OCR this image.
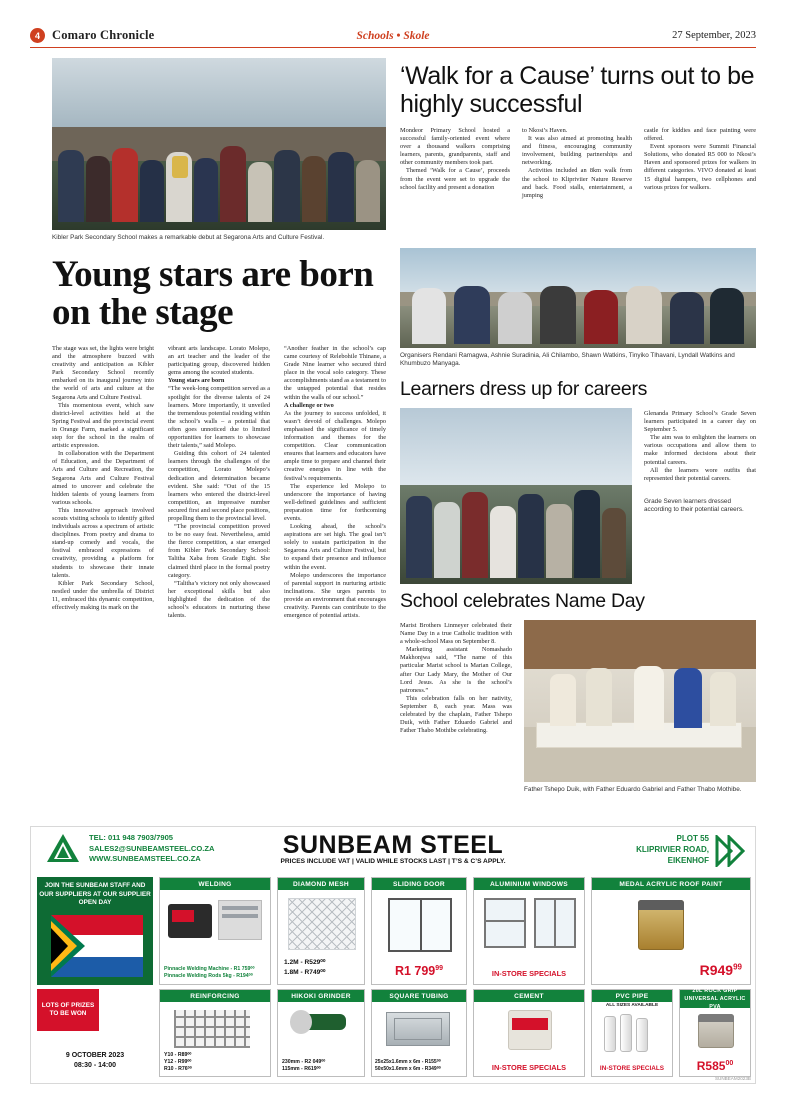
4 Comaro Chronicle	Schools • Skole	27 September, 2023
Kibler Park Secondary School makes a remarkable debut at Segarona Arts and Culture Festival.
Young stars are born on the stage

The stage was set, the lights were bright and the atmosphere buzzed with creativity and anticipation as Kibler Park Secondary School recently embarked on its inaugural journey into the world of arts and culture at the Segarona Arts and Culture Festival.

This momentous event, which saw district-level activities held at the Spring Festival and the provincial event in Orange Farm, marked a significant step for the school in the realm of artistic expression.

In collaboration with the Department of Education, and the Department of Arts and Culture and Recreation, the Segarona Arts and Culture Festival aimed to uncover and celebrate the hidden talents of young learners from various schools.

This innovative approach involved scouts visiting schools to identify gifted individuals across a spectrum of artistic disciplines. From poetry and drama to stand-up comedy and vocals, the festival embraced expressions of creativity, providing a platform for students to showcase their innate talents.

Kibler Park Secondary School, nestled under the umbrella of District 11, embraced this dynamic competition, effectively making its mark on the

vibrant arts landscape. Lorato Molepo, an art teacher and the leader of the participating group, discovered hidden gems among the scouted students.

Young stars are born

“The week-long competition served as a spotlight for the diverse talents of 24 learners. More importantly, it unveiled the tremendous potential residing within the school’s walls – a potential that often goes unnoticed due to limited opportunities for learners to showcase their talents,” said Molepo.

Guiding this cohort of 24 talented learners through the challenges of the competition, Lorato Molepo’s dedication and determination became evident. She said: “Out of the 15 learners who entered the district-level competition, an impressive number secured first and second place positions, propelling them to the provincial level.

“The provincial competition proved to be no easy feat. Nevertheless, amid the fierce competition, a star emerged from Kibler Park Secondary School: Talitha Xaba from Grade Eight. She claimed third place in the formal poetry category.

“Talitha’s victory not only showcased her exceptional skills but also highlighted the dedication of the school’s educators in nurturing these talents.

“Another feather in the school’s cap came courtesy of Relebohile Thinane, a Grade Nine learner who secured third place in the vocal solo category. These accomplishments stand as a testament to the untapped potential that resides within the walls of our school.”

A challenge or two

As the journey to success unfolded, it wasn’t devoid of challenges. Molepo emphasised the significance of timely information and themes for the competition. Clear communication ensures that learners and educators have ample time to prepare and channel their creative energies in line with the festival’s requirements.

The experience led Molepo to underscore the importance of having well-defined guidelines and sufficient preparation time for forthcoming events.

Looking ahead, the school’s aspirations are set high. The goal isn’t solely to sustain participation in the Segarona Arts and Culture Festival, but to expand their presence and influence within the event.

Molepo underscores the importance of parental support in nurturing artistic inclinations. She urges parents to provide an environment that encourages creativity. Parents can contribute to the emergence of potential artists.

‘Walk for a Cause’ turns out to be highly successful

Mondeor Primary School hosted a successful family-oriented event where over a thousand walkers comprising learners, parents, grandparents, staff and other community members took part.

Themed ‘Walk for a Cause’, proceeds from the event were set to upgrade the school facility and present a donation

to Nkosi’s Haven.

It was also aimed at promoting health and fitness, encouraging community involvement, building partnerships and networking.

Activities included an 8km walk from the school to Klipriviier Nature Reserve and back. Food stalls, entertainment, a jumping

castle for kiddies and face painting were offered.

Event sponsors were Summit Financial Solutions, who donated R5 000 to Nkosi’s Haven and sponsored prizes for walkers in different categories. VIVO donated at least 15 digital hampers, two cellphones and various prizes for walkers.

Organisers Rendani Ramagwa, Ashnie Suradinia, Ali Chilambo, Shawn Watkins, Tinyiko Tlhavani, Lyndall Watkins and Khumbuzo Manyaga.
Learners dress up for careers

Glenanda Primary School’s Grade Seven learners participated in a career day on September 5.

The aim was to enlighten the learners on various occupations and allow them to make informed decisions about their potential careers.

All the learners wore outfits that represented their potential careers.

Grade Seven learners dressed according to their potential careers.
School celebrates Name Day

Marist Brothers Linmeyer celebrated their Name Day in a true Catholic tradition with a whole-school Mass on September 8.

Marketing assistant Nomashado Makhonjwa said, “The name of this particular Marist school is Marian College, after Our Lady Mary, the Mother of Our Lord Jesus. As she is the school’s patroness.”

This celebration falls on her nativity, September 8, each year. Mass was celebrated by the chaplain, Father Tshepo Duik, with Father Eduardo Gabriel and Father Thabo Mothibe celebrating.

Father Tshepo Duik, with Father Eduardo Gabriel and Father Thabo Mothibe.
TEL: 011 948 7903/7905
SALES2@SUNBEAMSTEEL.CO.ZA
WWW.SUNBEAMSTEEL.CO.ZA	SUNBEAM STEEL
PRICES INCLUDE VAT | VALID WHILE STOCKS LAST | T’S & C’S APPLY.
PLOT 55
KLIPRIVIER ROAD,
EIKENHOF
JOIN THE SUNBEAM STAFF AND OUR SUPPLIERS AT OUR SUPPLIER OPEN DAY
LOTS OF PRIZES TO BE WON
9 OCTOBER 2023
08:30 - 14:00
WELDING
Pinnacle Welding Machine - R1 759⁰⁰
Pinnacle Welding Rods 5kg - R194⁰⁰
DIAMOND MESH
1.2M - R529⁰⁰
1.8M - R749⁰⁰
SLIDING DOOR
R1 $799^{99}$
ALUMINIUM WINDOWS
IN-STORE SPECIALS
MEDAL ACRYLIC ROOF PAINT
$R949^{99}$
REINFORCING
Y10 - R89⁰⁰
Y12 - R99⁰⁰
R10 - R76⁰⁰
HIKOKI GRINDER
230mm - R2 049⁰⁰
115mm - R619⁰⁰
SQUARE TUBING
25x25x1.6mm x 6m - R155⁰⁰
50x50x1.6mm x 6m - R349⁰⁰
CEMENT
IN-STORE SPECIALS
PVC PIPE
ALL SIZES AVAILABLE
IN-STORE SPECIALS
20L ROCK GRIP UNIVERSAL ACRYLIC PVA
$R585^{00}$
SUNBEAM2023B
